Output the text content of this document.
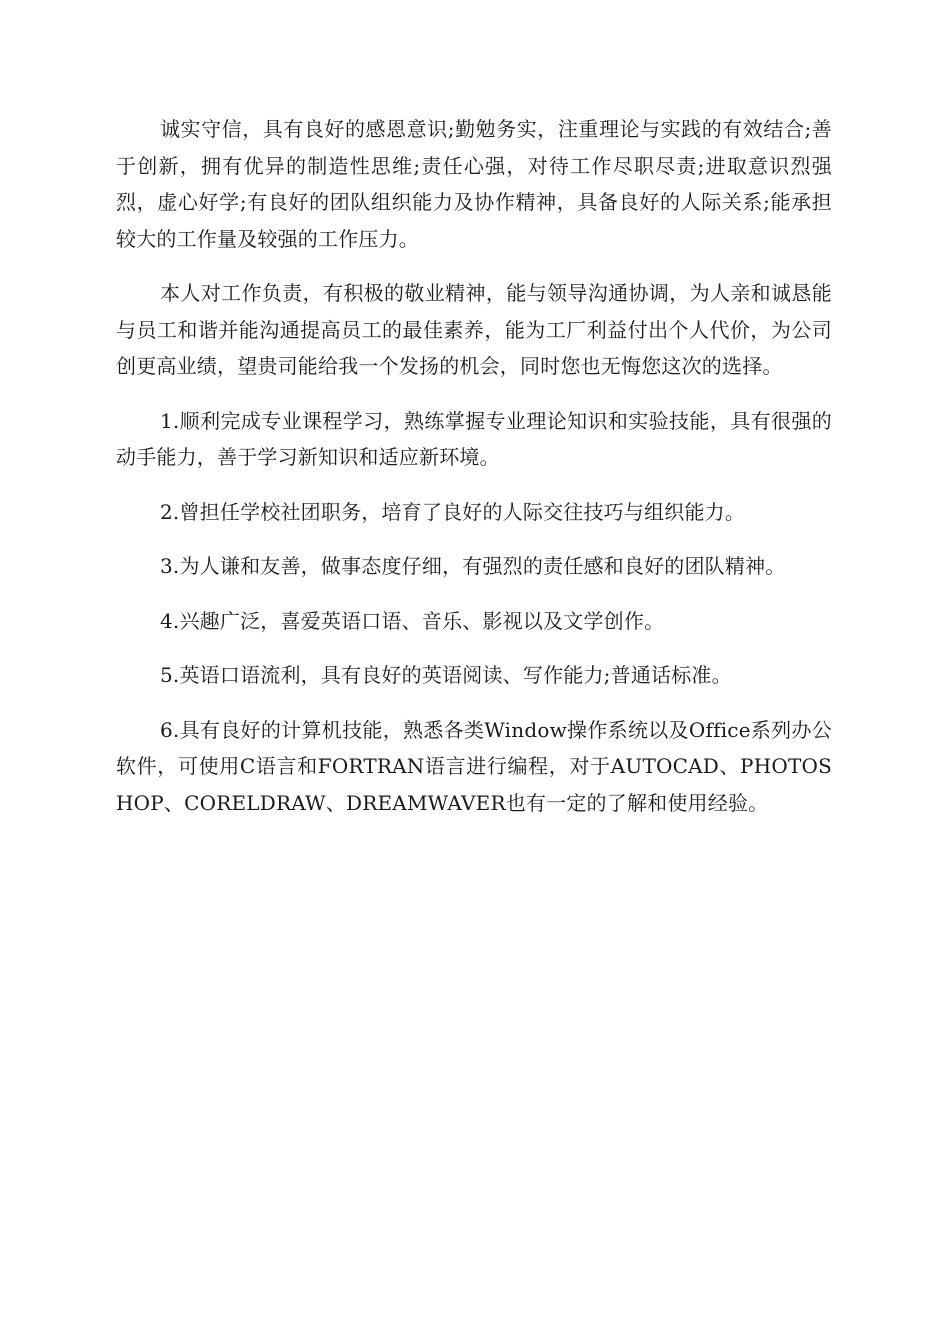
诚实守信，具有良好的感恩意识;勤勉务实，注重理论与实践的有效结合;善于创新，拥有优异的制造性思维;责任心强，对待工作尽职尽责;进取意识烈强烈，虚心好学;有良好的团队组织能力及协作精神，具备良好的人际关系;能承担较大的工作量及较强的工作压力。

本人对工作负责，有积极的敬业精神，能与领导沟通协调，为人亲和诚恳能与员工和谐并能沟通提高员工的最佳素养，能为工厂利益付出个人代价，为公司创更高业绩，望贵司能给我一个发扬的机会，同时您也无悔您这次的选择。

1.顺利完成专业课程学习，熟练掌握专业理论知识和实验技能，具有很强的动手能力，善于学习新知识和适应新环境。

2.曾担任学校社团职务，培育了良好的人际交往技巧与组织能力。

3.为人谦和友善，做事态度仔细，有强烈的责任感和良好的团队精神。

4.兴趣广泛，喜爱英语口语、音乐、影视以及文学创作。

5.英语口语流利，具有良好的英语阅读、写作能力;普通话标准。

6.具有良好的计算机技能，熟悉各类Window操作系统以及Office系列办公软件，可使用C语言和FORTRAN语言进行编程，对于AUTOCAD、PHOTOSHOP、CORELDRAW、DREAMWAVER也有一定的了解和使用经验。
